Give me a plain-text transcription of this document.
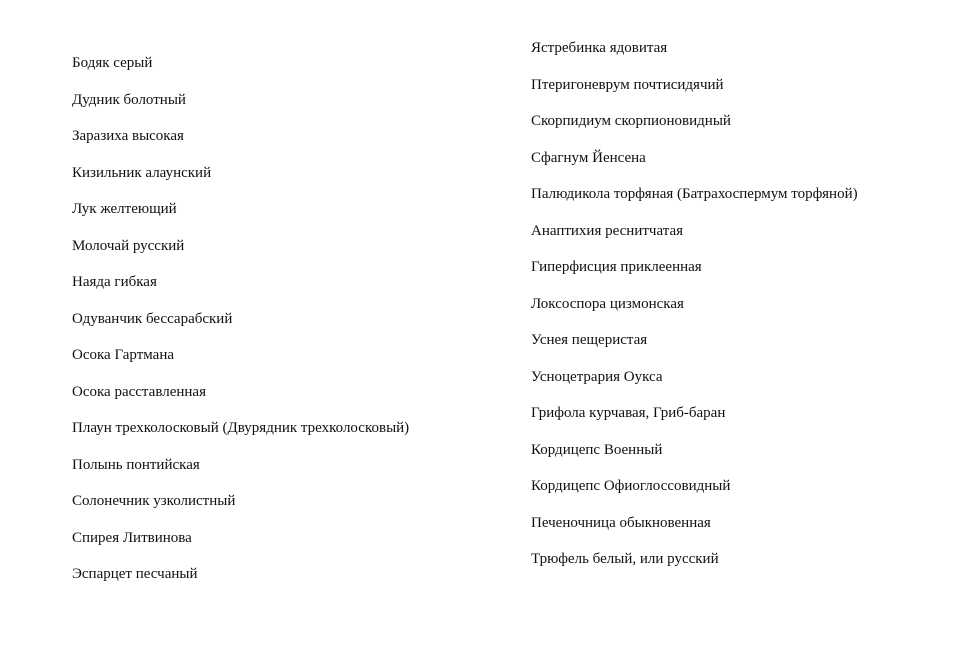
Бодяк серый
Дудник болотный
Заразиха высокая
Кизильник алаунский
Лук желтеющий
Молочай русский
Наяда гибкая
Одуванчик бессарабский
Осока Гартмана
Осока расставленная
Плаун трехколосковый (Двурядник трехколосковый)
Полынь понтийская
Солонечник узколистный
Спирея Литвинова
Эспарцет песчаный
Ястребинка ядовитая
Птеригоневрум почтисидячий
Скорпидиум скорпионовидный
Сфагнум Йенсена
Палюдикола торфяная (Батрахоспермум торфяной)
Анаптихия реснитчатая
Гиперфисция приклеенная
Локсоспора цизмонская
Уснея пещеристая
Усноцетрария Оукса
Грифола курчавая, Гриб-баран
Кордицепс Военный
Кордицепс Офиоглоссовидный
Печеночница обыкновенная
Трюфель белый, или русский
